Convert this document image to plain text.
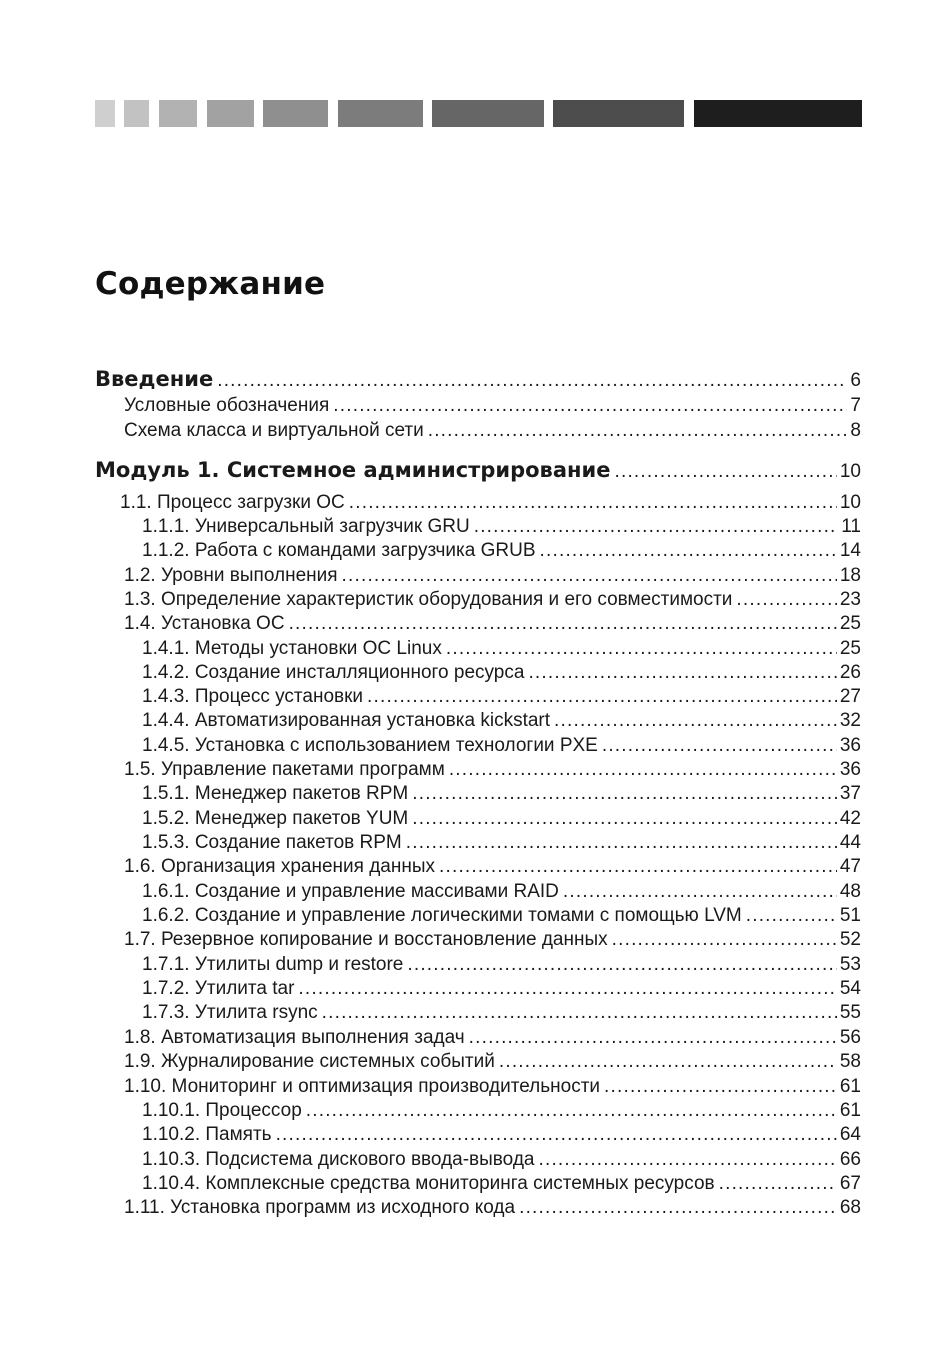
Содержание
Введение .....	6
Условные обозначения .....	7
Схема класса и виртуальной сети .....	8
Модуль 1. Системное администрирование .....	10
1.1. Процесс загрузки ОС .....	10
1.1.1. Универсальный загрузчик GRU .....	11
1.1.2. Работа с командами загрузчика GRUB .....	14
1.2. Уровни выполнения .....	18
1.3. Определение характеристик оборудования и его совместимости .....	23
1.4. Установка ОС .....	25
1.4.1. Методы установки ОС Linux .....	25
1.4.2. Создание инсталляционного ресурса .....	26
1.4.3. Процесс установки .....	27
1.4.4. Автоматизированная установка kickstart .....	32
1.4.5. Установка с использованием технологии PXE .....	36
1.5. Управление пакетами программ .....	36
1.5.1. Менеджер пакетов RPM .....	37
1.5.2. Менеджер пакетов YUM .....	42
1.5.3. Создание пакетов RPM .....	44
1.6. Организация хранения данных .....	47
1.6.1. Создание и управление массивами RAID .....	48
1.6.2. Создание и управление логическими томами с помощью LVM .....	51
1.7. Резервное копирование и восстановление данных .....	52
1.7.1. Утилиты dump и restore .....	53
1.7.2. Утилита tar .....	54
1.7.3. Утилита rsync .....	55
1.8. Автоматизация выполнения задач .....	56
1.9. Журналирование системных событий .....	58
1.10. Мониторинг и оптимизация производительности .....	61
1.10.1. Процессор .....	61
1.10.2. Память .....	64
1.10.3. Подсистема дискового ввода-вывода .....	66
1.10.4. Комплексные средства мониторинга системных ресурсов .....	67
1.11. Установка программ из исходного кода .....	68
